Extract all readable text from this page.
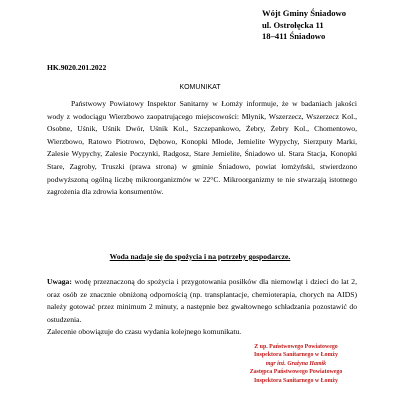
Wójt Gminy Śniadowo
ul. Ostrołęcka 11
18–411 Śniadowo
HK.9020.201.2022
KOMUNIKAT

Państwowy Powiatowy Inspektor Sanitarny w Łomży informuje, że w badaniach jakości wody z wodociągu Wierzbowo zaopatrującego miejscowości: Młynik, Wszerzecz, Wszerzecz Kol., Osobne, Uśnik, Uśnik Dwór, Uśnik Kol., Szczepankowo, Żebry, Żebry Kol., Chomentowo, Wierzbowo, Ratowo Piotrowo, Dębowo, Konopki Młode, Jemielite Wypychy, Sierzputy Marki, Zalesie Wypychy, Zalesie Poczynki, Radgosz, Stare Jemielite, Śniadowo ul. Stara Stacja, Konopki Stare, Zagroby, Truszki (prawa strona) w gminie Śniadowo, powiat łomżyński, stwierdzono podwyższoną ogólną liczbę mikroorganizmów w 22°C. Mikroorganizmy te nie stwarzają istotnego zagrożenia dla zdrowia konsumentów.

Woda nadaje się do spożycia i na potrzeby gospodarcze.

Uwaga: wodę przeznaczoną do spożycia i przygotowania posiłków dla niemowląt i dzieci do lat 2, oraz osób ze znacznie obniżoną odpornością (np. transplantacje, chemioterapia, chorych na AIDS) należy gotować przez minimum 2 minuty, a następnie bez gwałtownego schładzania pozostawić do ostudzenia.

Zalecenie obowiązuje do czasu wydania kolejnego komunikatu.

Z up. Państwowego Powiatowego
Inspektora Sanitarnego w Łomży
mgr inż. Grażyna Hamik
Zastępca Państwowego Powiatowego
Inspektora Sanitarnego w Łomży
